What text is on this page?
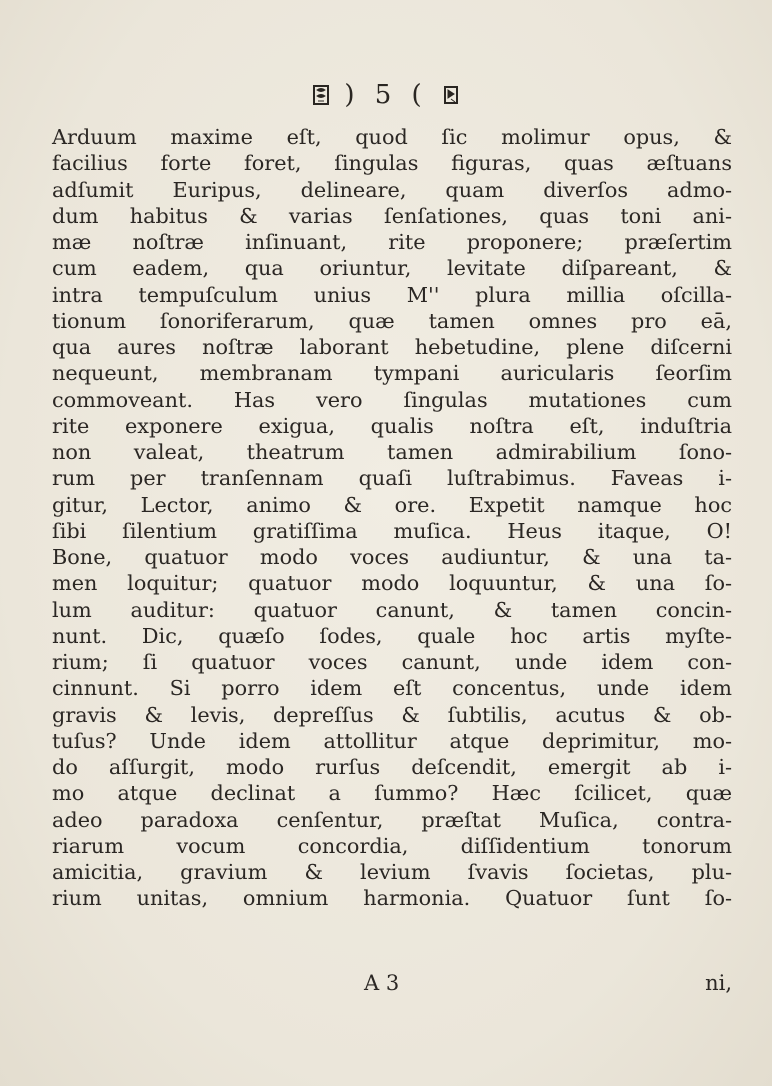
) 5 (
Arduum maxime eſt, quod ſic molimur opus, &
facilius forte foret, ſingulas figuras, quas æſtuans
adſumit Euripus, delineare, quam diverſos admo-
dum habitus & varias ſenſationes, quas toni ani-
mæ noſtræ inſinuant, rite proponere; præſertim
cum eadem, qua oriuntur, levitate diſpareant, &
intra tempuſculum unius M'' plura millia oſcilla-
tionum ſonoriferarum, quæ tamen omnes pro eā,
qua aures noſtræ laborant hebetudine, plene diſcerni
nequeunt, membranam tympani auricularis ſeorſim
commoveant. Has vero ſingulas mutationes cum
rite exponere exigua, qualis noſtra eſt, induſtria
non valeat, theatrum tamen admirabilium ſono-
rum per tranſennam quaſi luſtrabimus. Faveas i-
gitur, Lector, animo & ore. Expetit namque hoc
ſibi ſilentium gratiſſima muſica. Heus itaque, O!
Bone, quatuor modo voces audiuntur, & una ta-
men loquitur; quatuor modo loquuntur, & una ſo-
lum auditur: quatuor canunt, & tamen concin-
nunt. Dic, quæſo ſodes, quale hoc artis myſte-
rium; ſi quatuor voces canunt, unde idem con-
cinnunt. Si porro idem eſt concentus, unde idem
gravis & levis, depreſſus & ſubtilis, acutus & ob-
tuſus? Unde idem attollitur atque deprimitur, mo-
do aſſurgit, modo rurſus deſcendit, emergit ab i-
mo atque declinat a ſummo? Hæc ſcilicet, quæ
adeo paradoxa cenſentur, præſtat Muſica, contra-
riarum vocum concordia, diſſidentium tonorum
amicitia, gravium & levium ſvavis ſocietas, plu-
rium unitas, omnium harmonia. Quatuor ſunt ſo-
A 3	ni,
